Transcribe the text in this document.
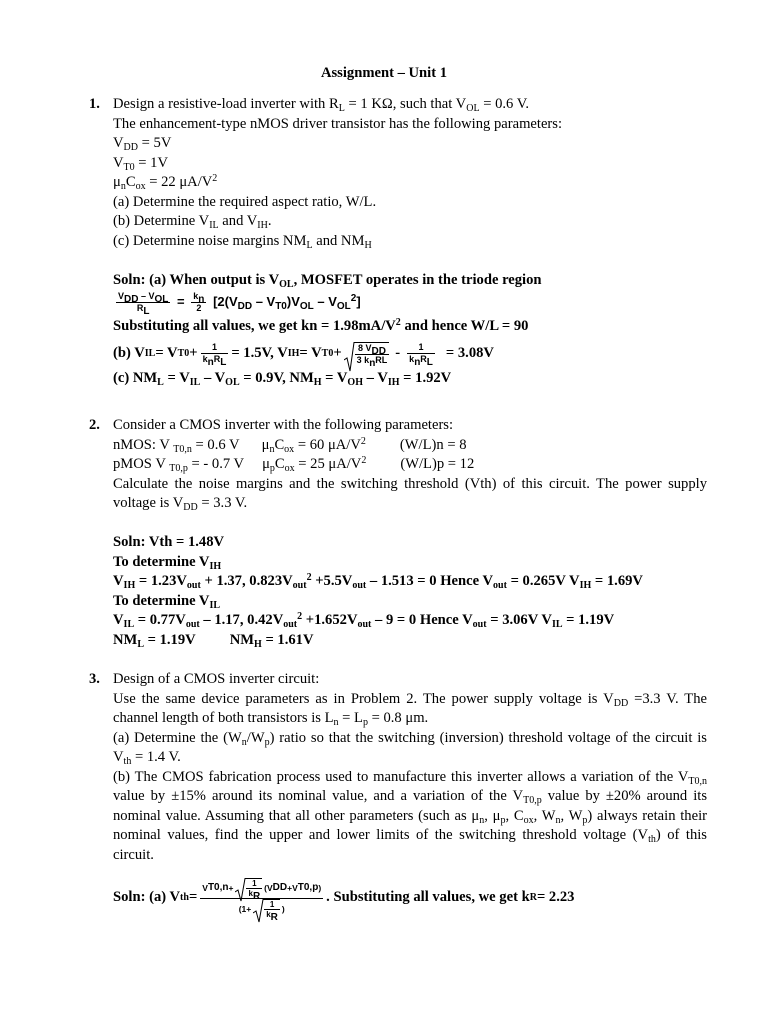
Assignment – Unit 1
1. Design a resistive-load inverter with $R_L = 1$ KΩ, such that $V_{OL} = 0.6$ V.
The enhancement-type nMOS driver transistor has the following parameters:
$V_{DD} = 5V$
$V_{T0} = 1V$
$\mu_nC_{ox} = 22$ $\mu A/V^2$
(a) Determine the required aspect ratio, W/L.
(b) Determine $V_{IL}$ and $V_{IH}$.
(c) Determine noise margins $NM_L$ and $NM_H$
Soln: (a) When output is $V_{OL}$, MOSFET operates in the triode region
$\frac{V_{DD} - V_{OL}}{R_L} = \frac{k_n}{2} [2(V_{DD} - V_{T0})V_{OL} - V_{OL}^2]$
Substituting all values, we get kn = $1.98mA/V^2$ and hence W/L = 90
(b) V IL = V $T0 + \frac{1}{k_nR_L} = 1.5V$, V IH = V $T0 + \frac{8 V_{DD}}{3 k_nRL} - \frac{1}{k_nR_L} = 3.08V$
(c) $NM_L = V_{IL} - V_{OL} = 0.9V$, $NM_H = V_{OH} - V_{IH} = 1.92V$
2. Consider a CMOS inverter with the following parameters:
nMOS: V $_{T0,n}$ = 0.6 V $\mu_nC_{ox} = 60$ $\mu A/V^2$ (W/L)n = 8
pMOS V $_{T0,p}$ = - 0.7 V $\mu_pC_{ox} = 25$ $\mu A/V^2$ (W/L)p = 12
Calculate the noise margins and the switching threshold (Vth) of this circuit. The power supply voltage is $V_{DD} = 3.3$ V.
Soln: Vth = 1.48V
To determine $V_{IH}$
$V_{IH} = 1.23V_{out} + 1.37$, $0.823V_{out}^2 +5.5V_{out} - 1.513 = 0$ Hence $V_{out} = 0.265V$ $V_{IH} = 1.69V$
To determine $V_{IL}$
$V_{IL} = 0.77V_{out} - 1.17$, $0.42V_{out}^2 +1.652V_{out} - 9 = 0$ Hence $V_{out} = 3.06V$ $V_{IL} = 1.19V$
$NM_L = 1.19V$ $NM_H = 1.61V$
3. Design of a CMOS inverter circuit:
Use the same device parameters as in Problem 2. The power supply voltage is $V_{DD} =3.3$ V. The channel length of both transistors is $L_n = L_p = 0.8$ μm.
(a) Determine the $(W_n/W_p)$ ratio so that the switching (inversion) threshold voltage of the circuit is $V_{th} = 1.4$ V.
(b) The CMOS fabrication process used to manufacture this inverter allows a variation of the $V_{T0,n}$ value by ±15% around its nominal value, and a variation of the $V_{T0,p}$ value by ±20% around its nominal value. Assuming that all other parameters (such as $\mu_n$, $\mu_p$, $C_{ox}$, $W_n$, $W_p$) always retain their nominal values, find the upper and lower limits of the switching threshold voltage $(V_{th})$ of this circuit.
Soln: (a) V th =
V $T0,n + \frac{1}{k_R} (V$ DD +V T0,p )
($1+ \frac{1}{k_R}$ )
. Substituting all values, we get k R = 2.23
